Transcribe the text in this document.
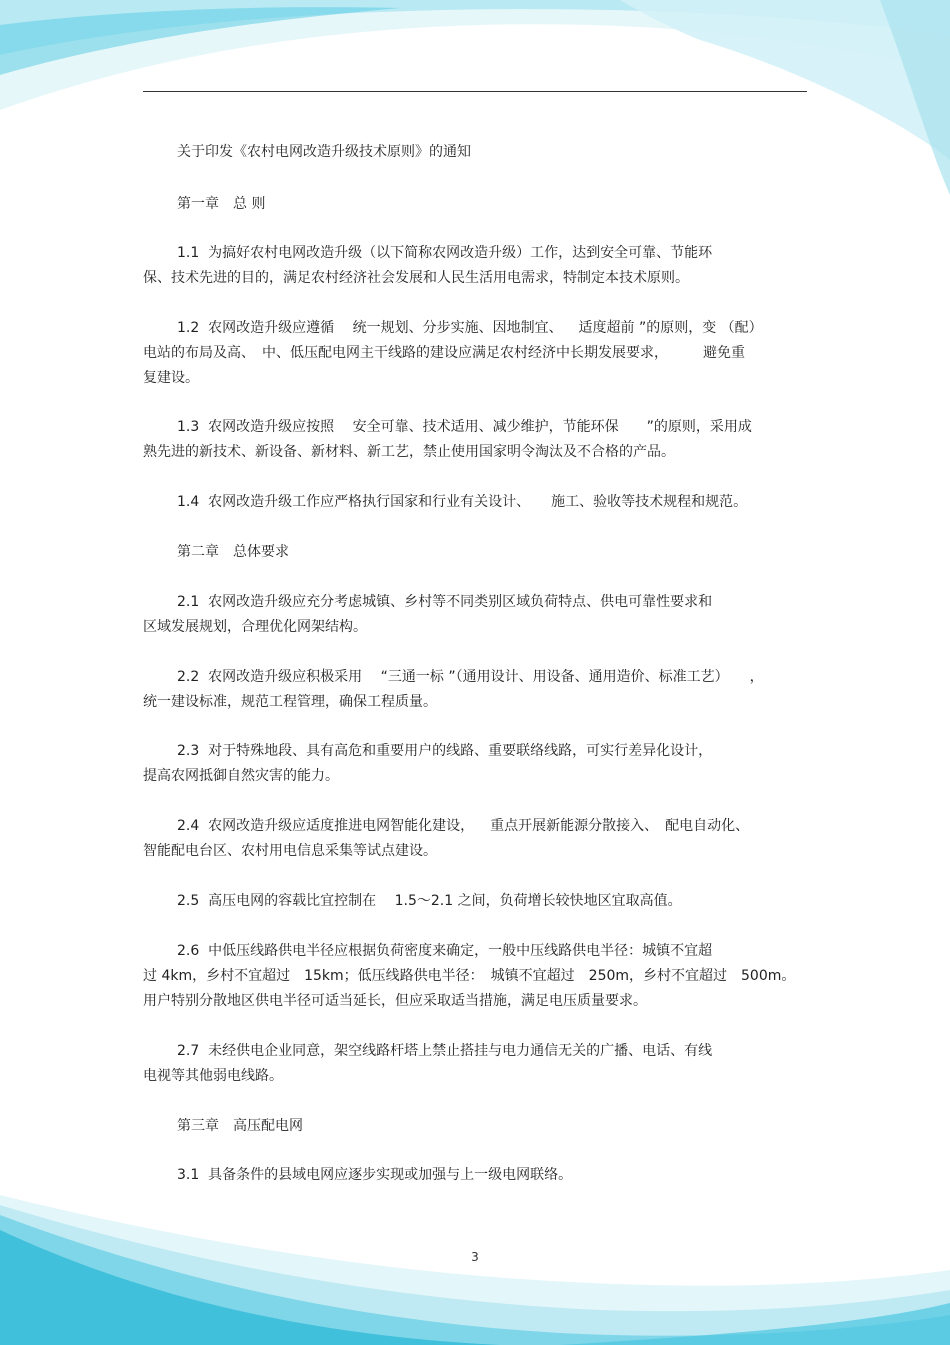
关于印发《农村电网改造升级技术原则》的通知
第一章　总 则
1.1  为搞好农村电网改造升级（以下简称农网改造升级）工作，达到安全可靠、节能环
保、技术先进的目的，满足农村经济社会发展和人民生活用电需求，特制定本技术原则。
1.2  农网改造升级应遵循　 统一规划、分步实施、因地制宜、　  适度超前 ”的原则，变 （配）
电站的布局及高、　中、低压配电网主干线路的建设应满足农村经济中长期发展要求，　　　避免重
复建设。
1.3  农网改造升级应按照　 安全可靠、技术适用、减少维护，节能环保　　”的原则，采用成
熟先进的新技术、新设备、新材料、新工艺，禁止使用国家明令淘汰及不合格的产品。
1.4  农网改造升级工作应严格执行国家和行业有关设计、　　施工、验收等技术规程和规范。
第二章　总体要求
2.1  农网改造升级应充分考虑城镇、乡村等不同类别区域负荷特点、供电可靠性要求和
区域发展规划，合理优化网架结构。
2.2  农网改造升级应积极采用　 “三通一标 ”（通用设计、用设备、通用造价、标准工艺）　　，
统一建设标准，规范工程管理，确保工程质量。
2.3  对于特殊地段、具有高危和重要用户的线路、重要联络线路，可实行差异化设计，
提高农网抵御自然灾害的能力。
2.4  农网改造升级应适度推进电网智能化建设，　  重点开展新能源分散接入、　配电自动化、
智能配电台区、农村用电信息采集等试点建设。
2.5  高压电网的容载比宜控制在　 1.5～2.1 之间，负荷增长较快地区宜取高值。
2.6  中低压线路供电半径应根据负荷密度来确定，一般中压线路供电半径：城镇不宜超
过 4km，乡村不宜超过　15km；低压线路供电半径：　城镇不宜超过　250m，乡村不宜超过　500m。
用户特别分散地区供电半径可适当延长，但应采取适当措施，满足电压质量要求。
2.7  未经供电企业同意，架空线路杆塔上禁止搭挂与电力通信无关的广播、电话、有线
电视等其他弱电线路。
第三章　高压配电网
3.1  具备条件的县域电网应逐步实现或加强与上一级电网联络。
3
